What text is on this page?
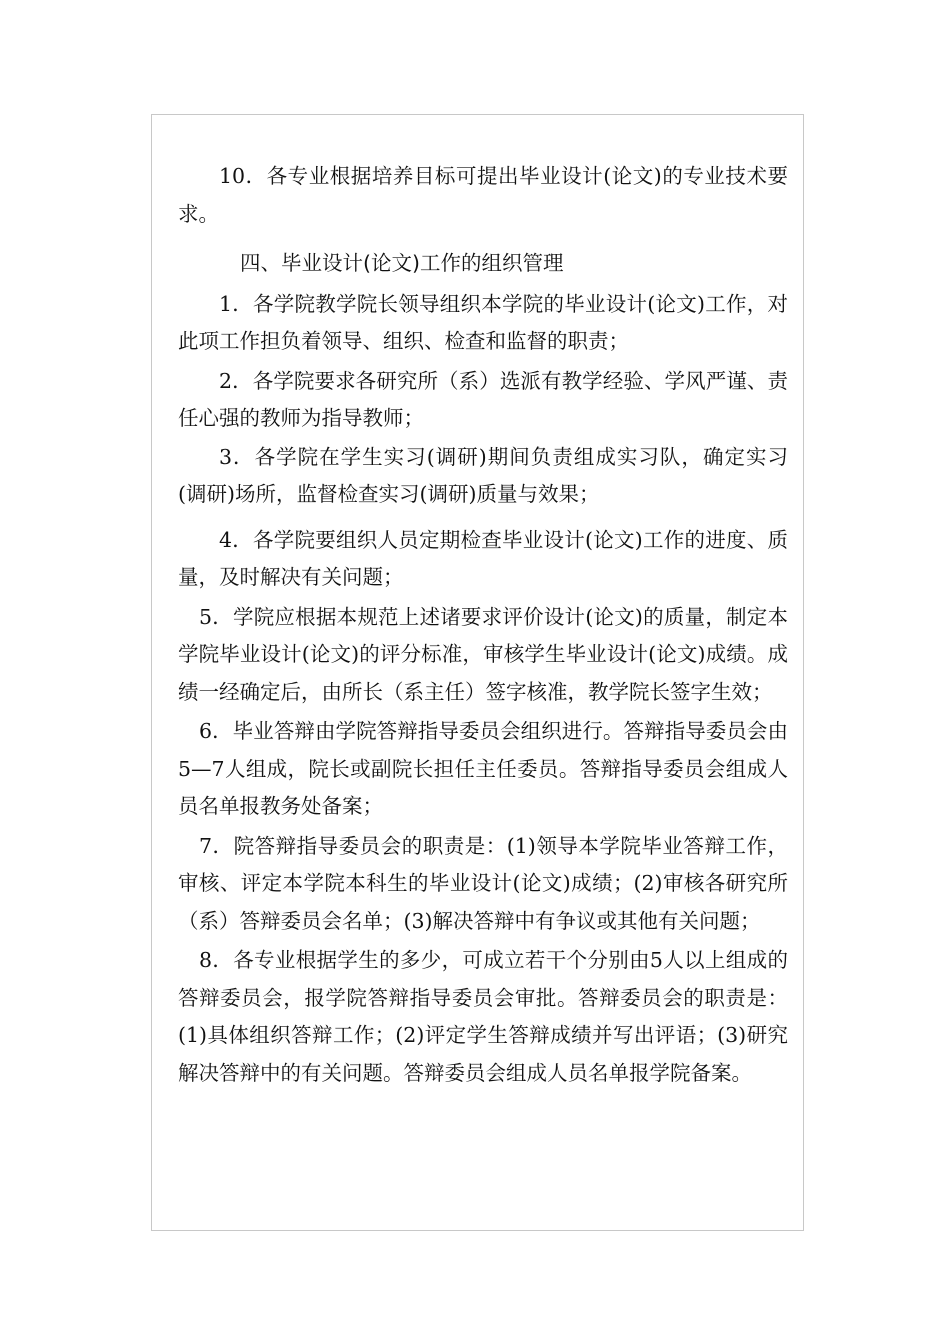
10．各专业根据培养目标可提出毕业设计(论文)的专业技术要求。

四、毕业设计(论文)工作的组织管理

1．各学院教学院长领导组织本学院的毕业设计(论文)工作，对此项工作担负着领导、组织、检查和监督的职责；

2．各学院要求各研究所（系）选派有教学经验、学风严谨、责任心强的教师为指导教师；

3．各学院在学生实习(调研)期间负责组成实习队，确定实习(调研)场所，监督检查实习(调研)质量与效果；

4．各学院要组织人员定期检查毕业设计(论文)工作的进度、质量，及时解决有关问题；

5．学院应根据本规范上述诸要求评价设计(论文)的质量，制定本学院毕业设计(论文)的评分标准，审核学生毕业设计(论文)成绩。成绩一经确定后，由所长（系主任）签字核准，教学院长签字生效；

6．毕业答辩由学院答辩指导委员会组织进行。答辩指导委员会由5—7人组成，院长或副院长担任主任委员。答辩指导委员会组成人员名单报教务处备案；

7．院答辩指导委员会的职责是：(1)领导本学院毕业答辩工作，审核、评定本学院本科生的毕业设计(论文)成绩；(2)审核各研究所（系）答辩委员会名单；(3)解决答辩中有争议或其他有关问题；

8．各专业根据学生的多少，可成立若干个分别由5人以上组成的答辩委员会，报学院答辩指导委员会审批。答辩委员会的职责是：(1)具体组织答辩工作；(2)评定学生答辩成绩并写出评语；(3)研究解决答辩中的有关问题。答辩委员会组成人员名单报学院备案。
